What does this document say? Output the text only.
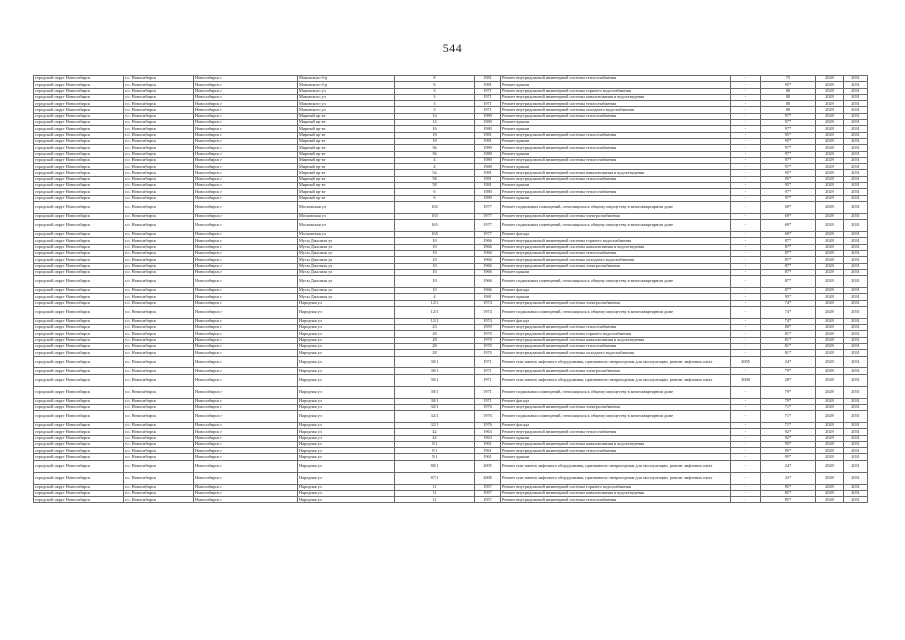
544
городской округ Новосибирск	г.о. Новосибирск	Новосибирск г	Маковского б-р	8	1981	Ремонт внутридомовой инженерной системы теплоснабжения	-	75	2029	2031
городской округ Новосибирск	г.о. Новосибирск	Новосибирск г	Маковского б-р	8	1981	Ремонт крыши	-	95*	2029	2031
городской округ Новосибирск	г.о. Новосибирск	Новосибирск г	Маковского ул	3	1971	Ремонт внутридомовой инженерной системы горячего водоснабжения	-	80	2029	2031
городской округ Новосибирск	г.о. Новосибирск	Новосибирск г	Маковского ул	3	1971	Ремонт внутридомовой инженерной системы канализования и водоотведения	-	80	2029	2031
городской округ Новосибирск	г.о. Новосибирск	Новосибирск г	Маковского ул	3	1971	Ремонт внутридомовой инженерной системы теплоснабжения	-	80	2029	2031
городской округ Новосибирск	г.о. Новосибирск	Новосибирск г	Маковского ул	3	1971	Ремонт внутридомовой инженерной системы холодного водоснабжения	-	80	2029	2031
городской округ Новосибирск	г.о. Новосибирск	Новосибирск г	Мирный пр-кт	14	1980	Ремонт внутридомовой инженерной системы теплоснабжения	-	97*	2029	2031
городской округ Новосибирск	г.о. Новосибирск	Новосибирск г	Мирный пр-кт	14	1980	Ремонт крыши	-	97*	2029	2031
городской округ Новосибирск	г.о. Новосибирск	Новосибирск г	Мирный пр-кт	16	1980	Ремонт крыши	-	97*	2029	2031
городской округ Новосибирск	г.о. Новосибирск	Новосибирск г	Мирный пр-кт	18	1981	Ремонт внутридомовой инженерной системы теплоснабжения	-	95*	2029	2031
городской округ Новосибирск	г.о. Новосибирск	Новосибирск г	Мирный пр-кт	18	1981	Ремонт крыши	-	95*	2029	2031
городской округ Новосибирск	г.о. Новосибирск	Новосибирск г	Мирный пр-кт	36	1980	Ремонт внутридомовой инженерной системы теплоснабжения	-	97*	2029	2031
городской округ Новосибирск	г.о. Новосибирск	Новосибирск г	Мирный пр-кт	36	1980	Ремонт крыши	-	97*	2029	2031
городской округ Новосибирск	г.о. Новосибирск	Новосибирск г	Мирный пр-кт	4	1980	Ремонт внутридомовой инженерной системы теплоснабжения	-	97*	2029	2031
городской округ Новосибирск	г.о. Новосибирск	Новосибирск г	Мирный пр-кт	4	1980	Ремонт крыши	-	97*	2029	2031
городской округ Новосибирск	г.о. Новосибирск	Новосибирск г	Мирный пр-кт	54	1981	Ремонт внутридомовой инженерной системы канализования и водоотведения	-	95*	2029	2031
городской округ Новосибирск	г.о. Новосибирск	Новосибирск г	Мирный пр-кт	58	1981	Ремонт внутридомовой инженерной системы теплоснабжения	-	95*	2029	2031
городской округ Новосибирск	г.о. Новосибирск	Новосибирск г	Мирный пр-кт	58	1981	Ремонт крыши	-	95*	2029	2031
городской округ Новосибирск	г.о. Новосибирск	Новосибирск г	Мирный пр-кт	6	1980	Ремонт внутридомовой инженерной системы теплоснабжения	-	97*	2029	2031
городской округ Новосибирск	г.о. Новосибирск	Новосибирск г	Мирный пр-кт	6	1980	Ремонт крыши	-	97*	2029	2031
городской округ Новосибирск	г.о. Новосибирск	Новосибирск г	Московская ул	165	1977	Ремонт подвальных помещений, относящихся к общему имуществу в многоквартирном доме	-	69*	2029	2031
городской округ Новосибирск	г.о. Новосибирск	Новосибирск г	Московская ул	165	1977	Ремонт внутридомовой инженерной системы электроснабжения	-	69*	2029	2031
городской округ Новосибирск	г.о. Новосибирск	Новосибирск г	Московская ул	165	1977	Ремонт подвальных помещений, относящихся к общему имуществу в многоквартирном доме	-	69*	2029	2031
городской округ Новосибирск	г.о. Новосибирск	Новосибирск г	Московская ул	165	1977	Ремонт фасада	-	69*	2029	2031
городской округ Новосибирск	г.о. Новосибирск	Новосибирск г	Мусы Джалиля ул	10	1966	Ремонт внутридомовой инженерной системы горячего водоснабжения	-	87*	2029	2031
городской округ Новосибирск	г.о. Новосибирск	Новосибирск г	Мусы Джалиля ул	10	1966	Ремонт внутридомовой инженерной системы канализования и водоотведения	-	87*	2029	2031
городской округ Новосибирск	г.о. Новосибирск	Новосибирск г	Мусы Джалиля ул	10	1966	Ремонт внутридомовой инженерной системы теплоснабжения	-	87*	2029	2031
городской округ Новосибирск	г.о. Новосибирск	Новосибирск г	Мусы Джалиля ул	10	1966	Ремонт внутридомовой инженерной системы холодного водоснабжения	-	87*	2029	2031
городской округ Новосибирск	г.о. Новосибирск	Новосибирск г	Мусы Джалиля ул	10	1966	Ремонт внутридомовой инженерной системы электроснабжения	-	87*	2029	2031
городской округ Новосибирск	г.о. Новосибирск	Новосибирск г	Мусы Джалиля ул	10	1966	Ремонт крыши	-	87*	2029	2031
городской округ Новосибирск	г.о. Новосибирск	Новосибирск г	Мусы Джалиля ул	10	1966	Ремонт подвальных помещений, относящихся к общему имуществу в многоквартирном доме	-	87*	2029	2031
городской округ Новосибирск	г.о. Новосибирск	Новосибирск г	Мусы Джалиля ул	10	1966	Ремонт фасада	-	87*	2029	2031
городской округ Новосибирск	г.о. Новосибирск	Новосибирск г	Мусы Джалиля ул	4	1981	Ремонт крыши	-	95*	2029	2031
городской округ Новосибирск	г.о. Новосибирск	Новосибирск г	Народная ул	12/1	1974	Ремонт внутридомовой инженерной системы электроснабжения	-	74*	2029	2031
городской округ Новосибирск	г.о. Новосибирск	Новосибирск г	Народная ул	12/1	1974	Ремонт подвальных помещений, относящихся к общему имуществу в многоквартирном доме	-	74*	2029	2031
городской округ Новосибирск	г.о. Новосибирск	Новосибирск г	Народная ул	12/1	1974	Ремонт фасада	-	74*	2029	2031
городской округ Новосибирск	г.о. Новосибирск	Новосибирск г	Народная ул	23	1959	Ремонт внутридомовой инженерной системы теплоснабжения	-	80*	2029	2031
городской округ Новосибирск	г.о. Новосибирск	Новосибирск г	Народная ул	28	1970	Ремонт внутридомовой инженерной системы горячего водоснабжения	-	81*	2029	2031
городской округ Новосибирск	г.о. Новосибирск	Новосибирск г	Народная ул	28	1970	Ремонт внутридомовой инженерной системы канализования и водоотведения	-	81*	2029	2031
городской округ Новосибирск	г.о. Новосибирск	Новосибирск г	Народная ул	28	1970	Ремонт внутридомовой инженерной системы теплоснабжения	-	81*	2029	2031
городской округ Новосибирск	г.о. Новосибирск	Новосибирск г	Народная ул	28	1970	Ремонт внутридомовой инженерной системы холодного водоснабжения	-	81*	2029	2031
городской округ Новосибирск	г.о. Новосибирск	Новосибирск г	Народная ул	30/1	1971	Ремонт или замена лифтового оборудования, признанного непригодным для эксплуатации, ремонт лифтовых шахт	2005	24*	2029	2031
городской округ Новосибирск	г.о. Новосибирск	Новосибирск г	Народная ул	30/1	1971	Ремонт внутридомовой инженерной системы электроснабжения	-	79*	2029	2031
городской округ Новосибирск	г.о. Новосибирск	Новосибирск г	Народная ул	30/1	1971	Ремонт или замена лифтового оборудования, признанного непригодным для эксплуатации, ремонт лифтовых шахт	2008	28*	2029	2031
городской округ Новосибирск	г.о. Новосибирск	Новосибирск г	Народная ул	30/1	1971	Ремонт подвальных помещений, относящихся к общему имуществу в многоквартирном доме	-	79*	2029	2031
городской округ Новосибирск	г.о. Новосибирск	Новосибирск г	Народная ул	30/1	1971	Ремонт фасада	-	79*	2029	2031
городской округ Новосибирск	г.о. Новосибирск	Новосибирск г	Народная ул	32/1	1976	Ремонт внутридомовой инженерной системы электроснабжения	-	71*	2029	2031
городской округ Новосибирск	г.о. Новосибирск	Новосибирск г	Народная ул	32/1	1976	Ремонт подвальных помещений, относящихся к общему имуществу в многоквартирном доме	-	71*	2029	2031
городской округ Новосибирск	г.о. Новосибирск	Новосибирск г	Народная ул	32/1	1976	Ремонт фасада	-	71*	2029	2031
городской округ Новосибирск	г.о. Новосибирск	Новосибирск г	Народная ул	42	1963	Ремонт внутридомовой инженерной системы теплоснабжения	-	92*	2029	2031
городской округ Новосибирск	г.о. Новосибирск	Новосибирск г	Народная ул	42	1963	Ремонт крыши	-	92*	2029	2031
городской округ Новосибирск	г.о. Новосибирск	Новосибирск г	Народная ул	5/1	1961	Ремонт внутридомовой инженерной системы канализования и водоотведения	-	95*	2029	2031
городской округ Новосибирск	г.о. Новосибирск	Новосибирск г	Народная ул	5/1	1961	Ремонт внутридомовой инженерной системы теплоснабжения	-	95*	2029	2031
городской округ Новосибирск	г.о. Новосибирск	Новосибирск г	Народная ул	5/1	1961	Ремонт крыши	-	95*	2029	2031
городской округ Новосибирск	г.о. Новосибирск	Новосибирск г	Народная ул	80/1	2005	Ремонт или замена лифтового оборудования, признанного непригодным для эксплуатации, ремонт лифтовых шахт	-	24*	2029	2031
городской округ Новосибирск	г.о. Новосибирск	Новосибирск г	Народная ул	87/1	2006	Ремонт или замена лифтового оборудования, признанного непригодным для эксплуатации, ремонт лифтовых шахт	-	23*	2029	2031
городской округ Новосибирск	г.о. Новосибирск	Новосибирск г	Народная ул	11	1957	Ремонт внутридомовой инженерной системы горячего водоснабжения	-	85*	2029	2031
городской округ Новосибирск	г.о. Новосибирск	Новосибирск г	Народная ул	11	1957	Ремонт внутридомовой инженерной системы канализования и водоотведения	-	85*	2029	2031
городской округ Новосибирск	г.о. Новосибирск	Новосибирск г	Народная ул	11	1957	Ремонт внутридомовой инженерной системы теплоснабжения	-	85*	2029	2031
